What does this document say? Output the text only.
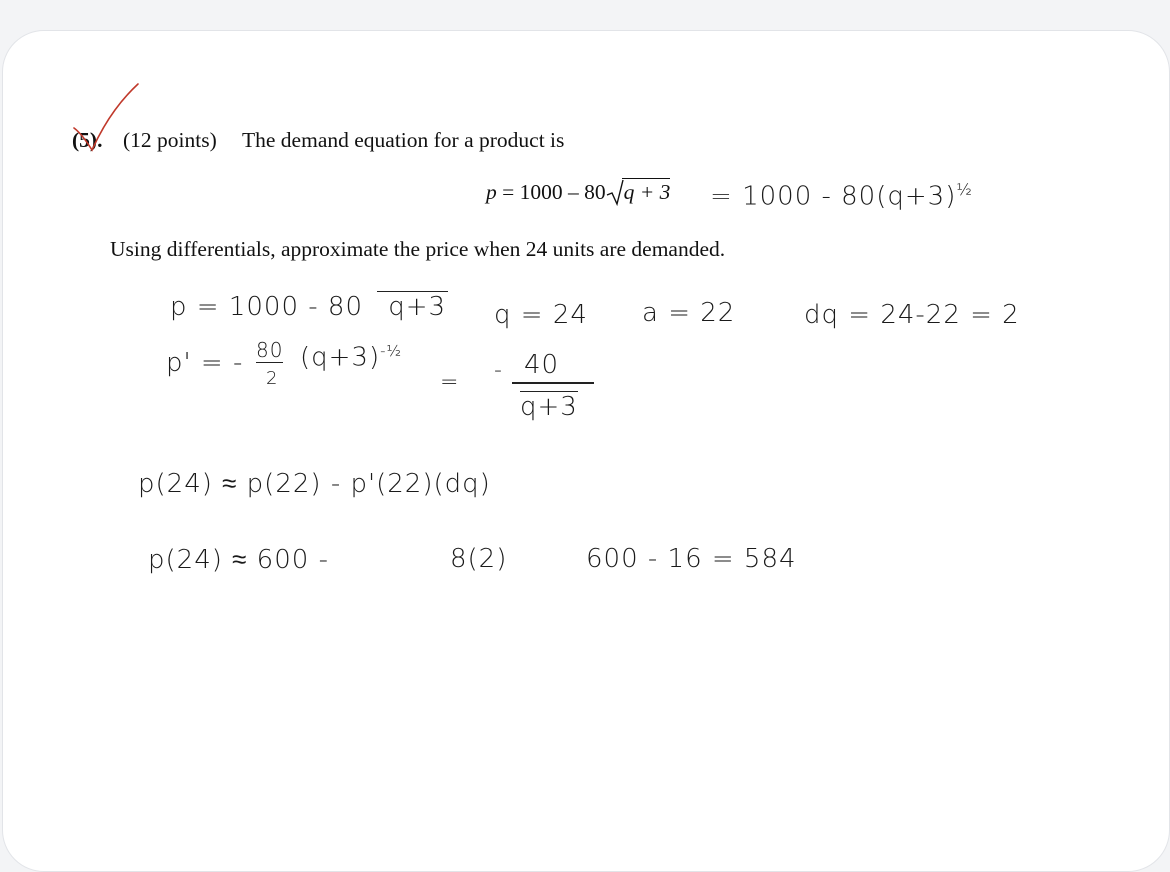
(5). (12 points) The demand equation for a product is
p = 1000 – 80 q + 3
Using differentials, approximate the price when 24 units are demanded.
= $1000 - 80(q+3)^{\frac{1}{2}}$
p = 1000 - 80 q+3 q = 24 a = 22	dq = 24-22 = 2
p' = - 80
2
$(q+3)^{-\frac{1}{2}}$
= - 40
q+3
p(24) ≈ p(22) - p'(22)(dq)
p(24) ≈ 600 -	8(2)	600 - 16 = 584
